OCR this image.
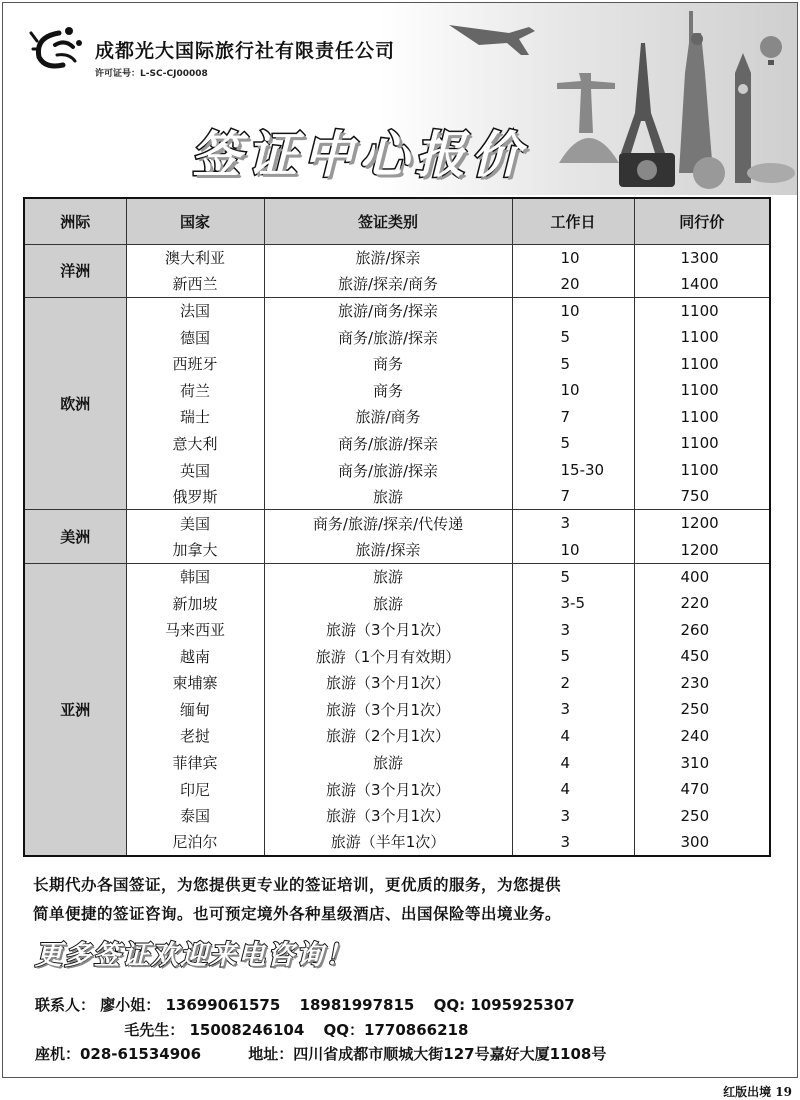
成都光大国际旅行社有限责任公司
许可证号：L-SC-CJ00008
签证中心报价
洲际	国家	签证类别	工作日	同行价
洋洲	澳大利亚	旅游/探亲	10	1300
	新西兰	旅游/探亲/商务	20	1400
欧洲	法国	旅游/商务/探亲	10	1100
	德国	商务/旅游/探亲	5	1100
	西班牙	商务	5	1100
	荷兰	商务	10	1100
	瑞士	旅游/商务	7	1100
	意大利	商务/旅游/探亲	5	1100
	英国	商务/旅游/探亲	15-30	1100
	俄罗斯	旅游	7	750
美洲	美国	商务/旅游/探亲/代传递	3	1200
	加拿大	旅游/探亲	10	1200
亚洲	韩国	旅游	5	400
	新加坡	旅游	3-5	220
	马来西亚	旅游（3个月1次）	3	260
	越南	旅游（1个月有效期）	5	450
	柬埔寨	旅游（3个月1次）	2	230
	缅甸	旅游（3个月1次）	3	250
	老挝	旅游（2个月1次）	4	240
	菲律宾	旅游	4	310
	印尼	旅游（3个月1次）	4	470
	泰国	旅游（3个月1次）	3	250
	尼泊尔	旅游（半年1次）	3	300
长期代办各国签证，为您提供更专业的签证培训，更优质的服务，为您提供
简单便捷的签证咨询。也可预定境外各种星级酒店、出国保险等出境业务。
更多签证欢迎来电咨询！
联系人： 廖小姐： 13699061575 18981997815 QQ: 1095925307
毛先生： 15008246104 QQ：1770866218
座机：028-61534906	地址：四川省成都市顺城大街127号嘉好大厦1108号
红版出境 19
